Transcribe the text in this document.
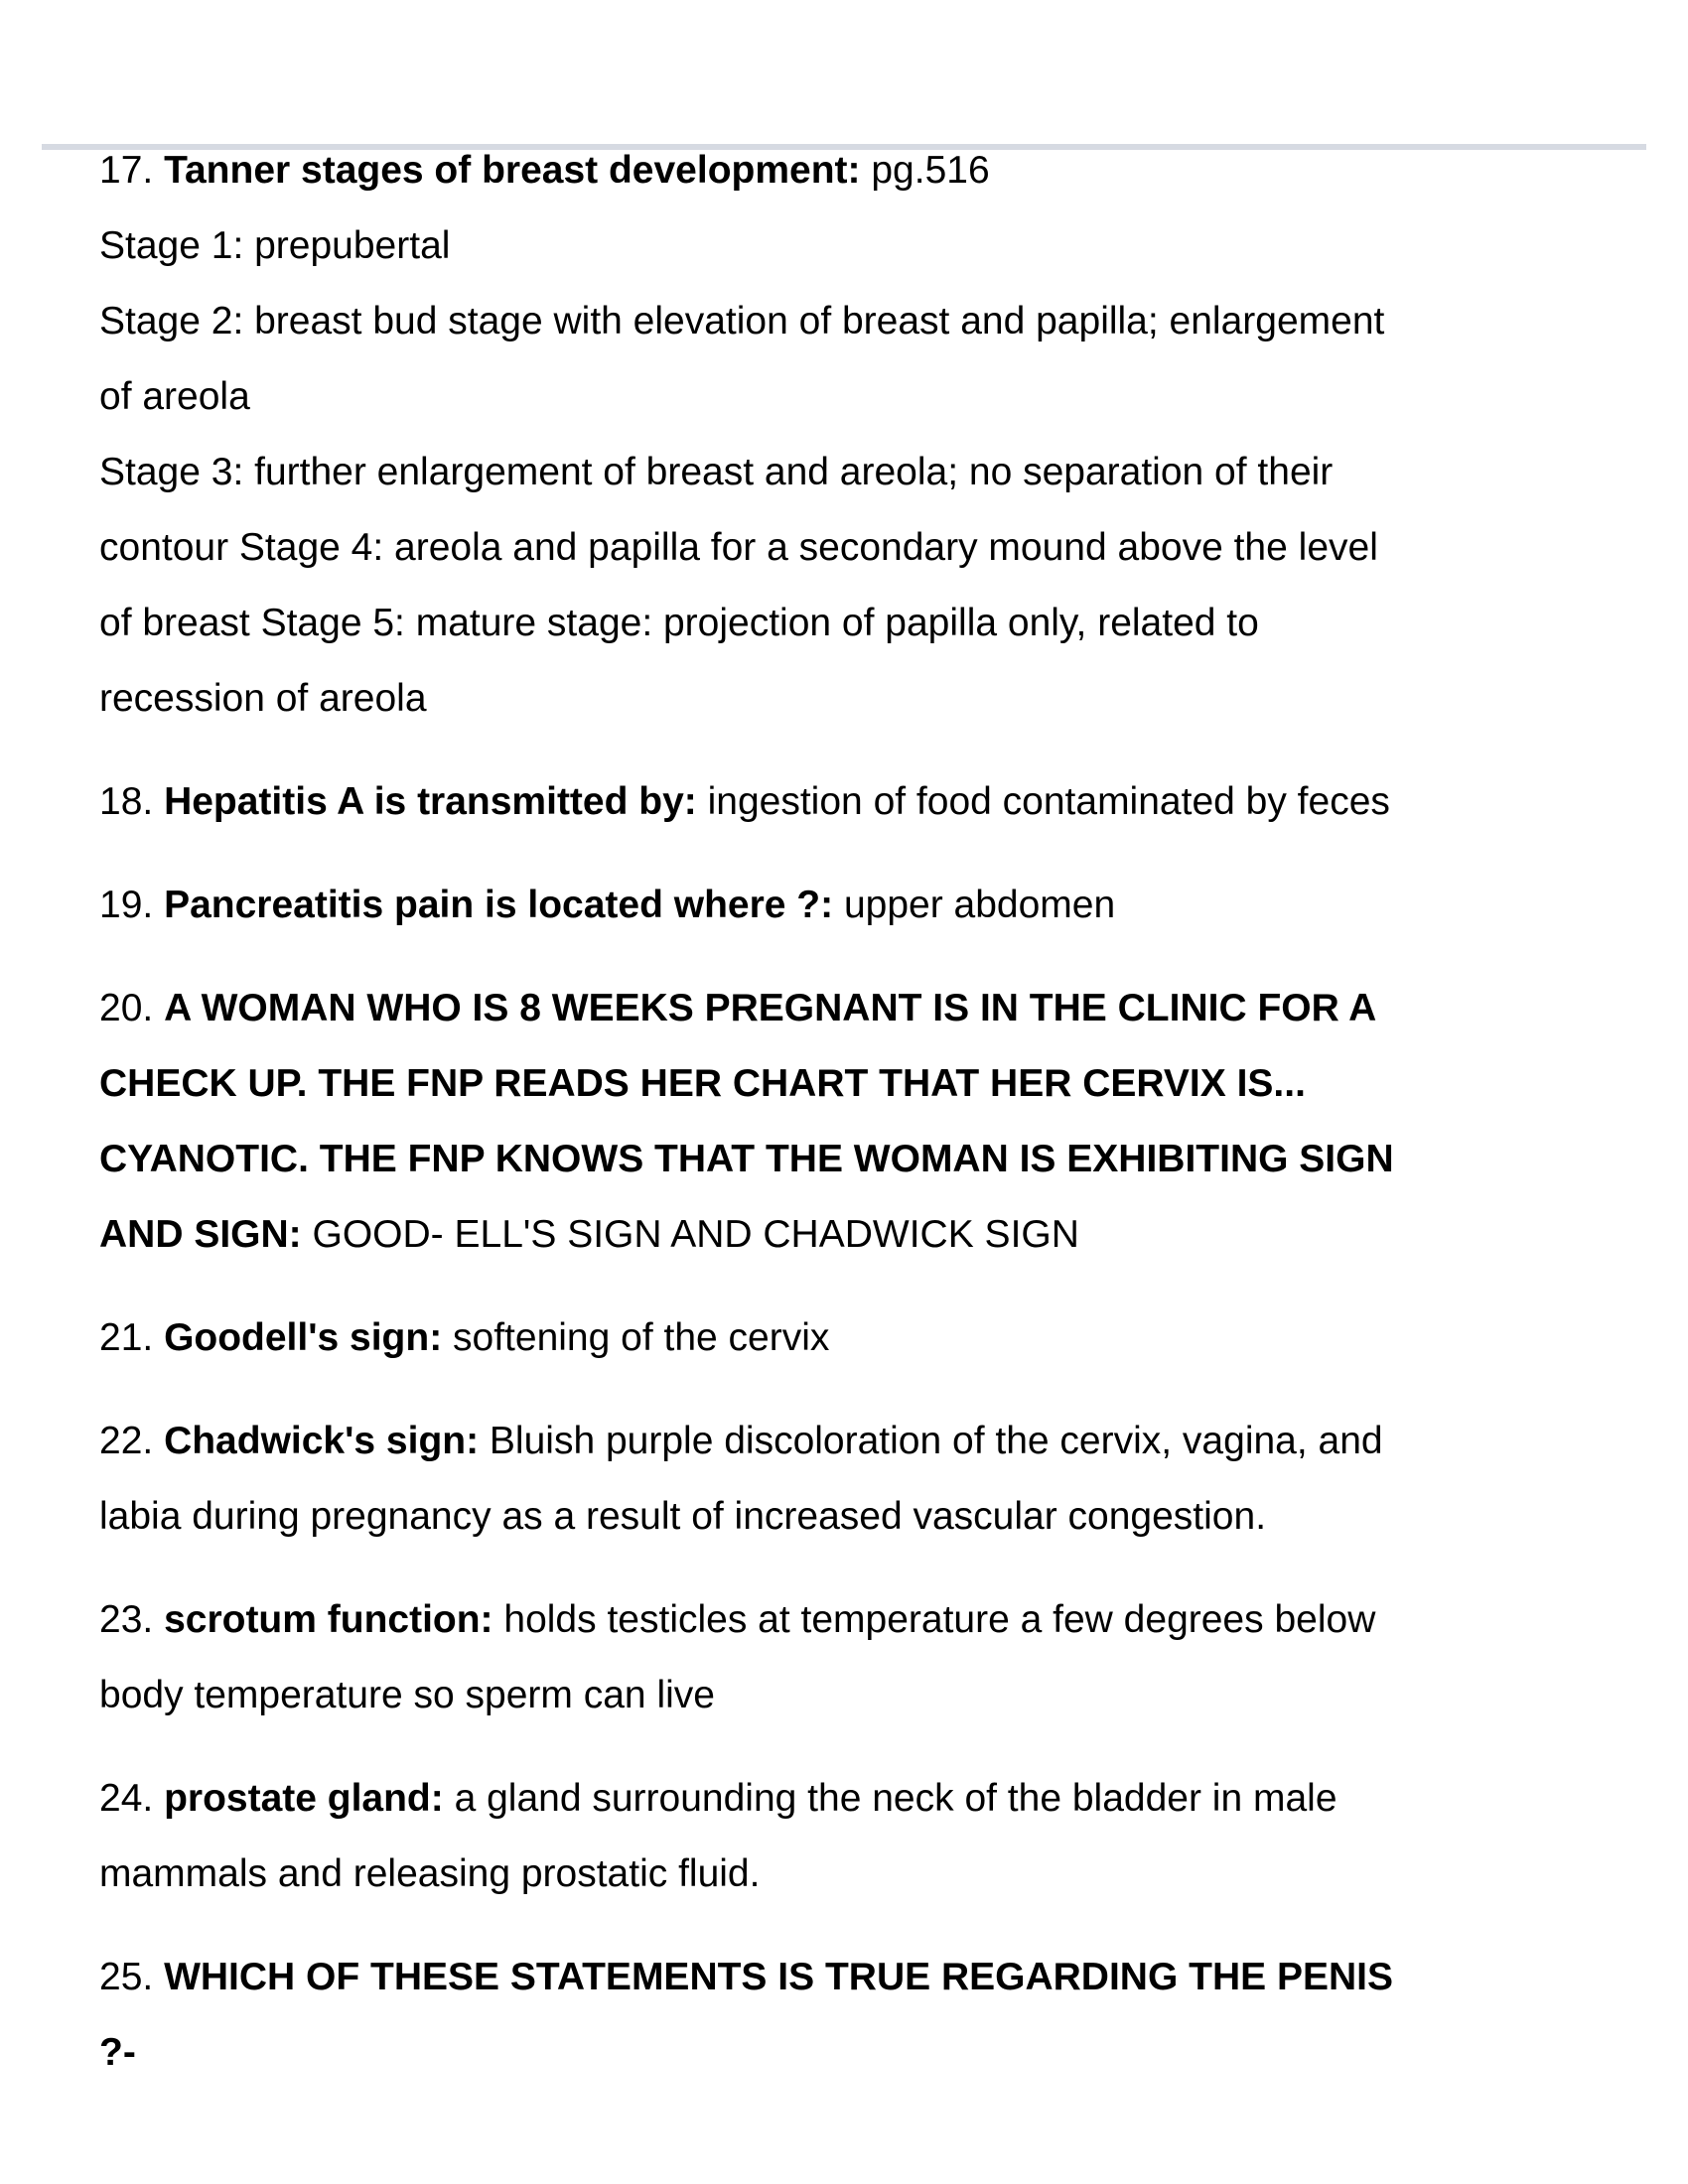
17. Tanner stages of breast development: pg.516
Stage 1: prepubertal
Stage 2: breast bud stage with elevation of breast and papilla; enlargement
of areola
Stage 3: further enlargement of breast and areola; no separation of their
contour Stage 4: areola and papilla for a secondary mound above the level
of breast Stage 5: mature stage: projection of papilla only, related to
recession of areola
18. Hepatitis A is transmitted by: ingestion of food contaminated by feces
19. Pancreatitis pain is located where ?: upper abdomen
20. A WOMAN WHO IS 8 WEEKS PREGNANT IS IN THE CLINIC FOR A
CHECK UP. THE FNP READS HER CHART THAT HER CERVIX IS...
CYANOTIC. THE FNP KNOWS THAT THE WOMAN IS EXHIBITING SIGN
AND SIGN: GOOD- ELL'S SIGN AND CHADWICK SIGN
21. Goodell's sign: softening of the cervix
22. Chadwick's sign: Bluish purple discoloration of the cervix, vagina, and
labia during pregnancy as a result of increased vascular congestion.
23. scrotum function: holds testicles at temperature a few degrees below
body temperature so sperm can live
24. prostate gland: a gland surrounding the neck of the bladder in male
mammals and releasing prostatic fluid.
25. WHICH OF THESE STATEMENTS IS TRUE REGARDING THE PENIS
?-
